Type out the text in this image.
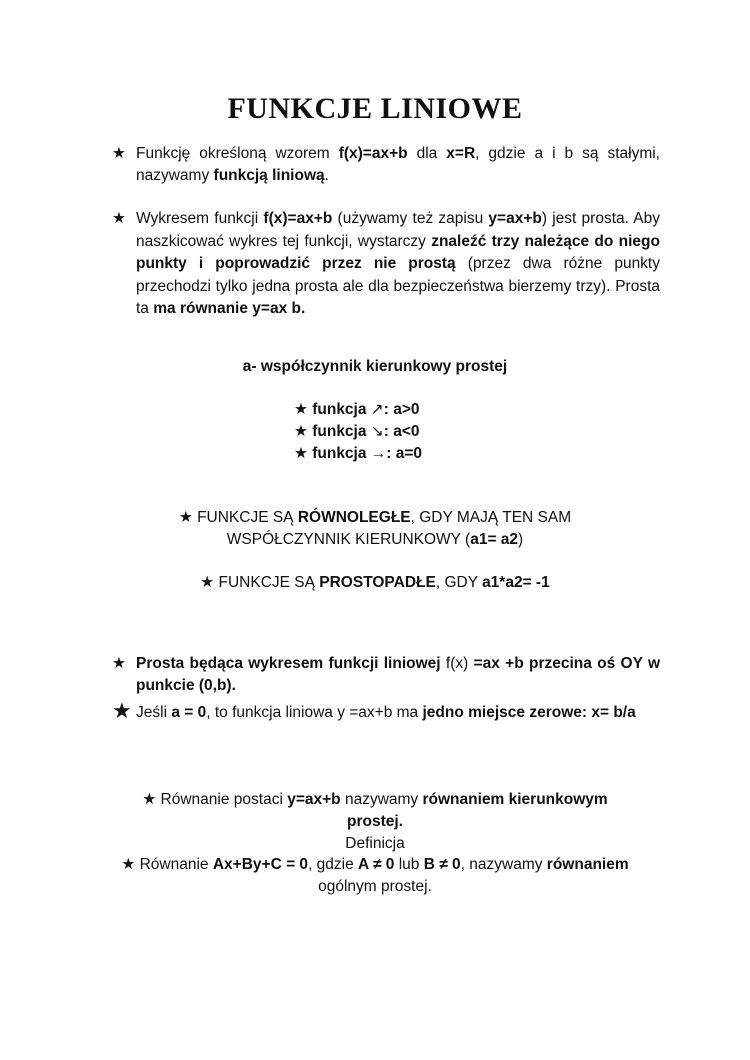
FUNKCJE LINIOWE
★ Funkcję określoną wzorem f(x)=ax+b dla x=R, gdzie a i b są stałymi, nazywamy funkcją liniową.
★ Wykresem funkcji f(x)=ax+b (używamy też zapisu y=ax+b) jest prosta. Aby naszkicować wykres tej funkcji, wystarczy znaleźć trzy należące do niego punkty i poprowadzić przez nie prostą (przez dwa różne punkty przechodzi tylko jedna prosta ale dla bezpieczeństwa bierzemy trzy). Prosta ta ma równanie y=ax b.
a- współczynnik kierunkowy prostej
★ funkcja ↗: a>0
★ funkcja ↘: a<0
★ funkcja →: a=0
★ FUNKCJE SĄ RÓWNOLEGŁE, GDY MAJĄ TEN SAM
WSPÓŁCZYNNIK KIERUNKOWY (a1= a2)
★ FUNKCJE SĄ PROSTOPADŁE, GDY a1*a2= -1
★ Prosta będąca wykresem funkcji liniowej f(x) =ax +b przecina oś OY w punkcie (0,b).
★ Jeśli a = 0, to funkcja liniowa y =ax+b ma jedno miejsce zerowe: x= b/a
★ Równanie postaci y=ax+b nazywamy równaniem kierunkowym
prostej.
Definicja
★ Równanie Ax+By+C = 0, gdzie A ≠ 0 lub B ≠ 0, nazywamy równaniem
ogólnym prostej.
